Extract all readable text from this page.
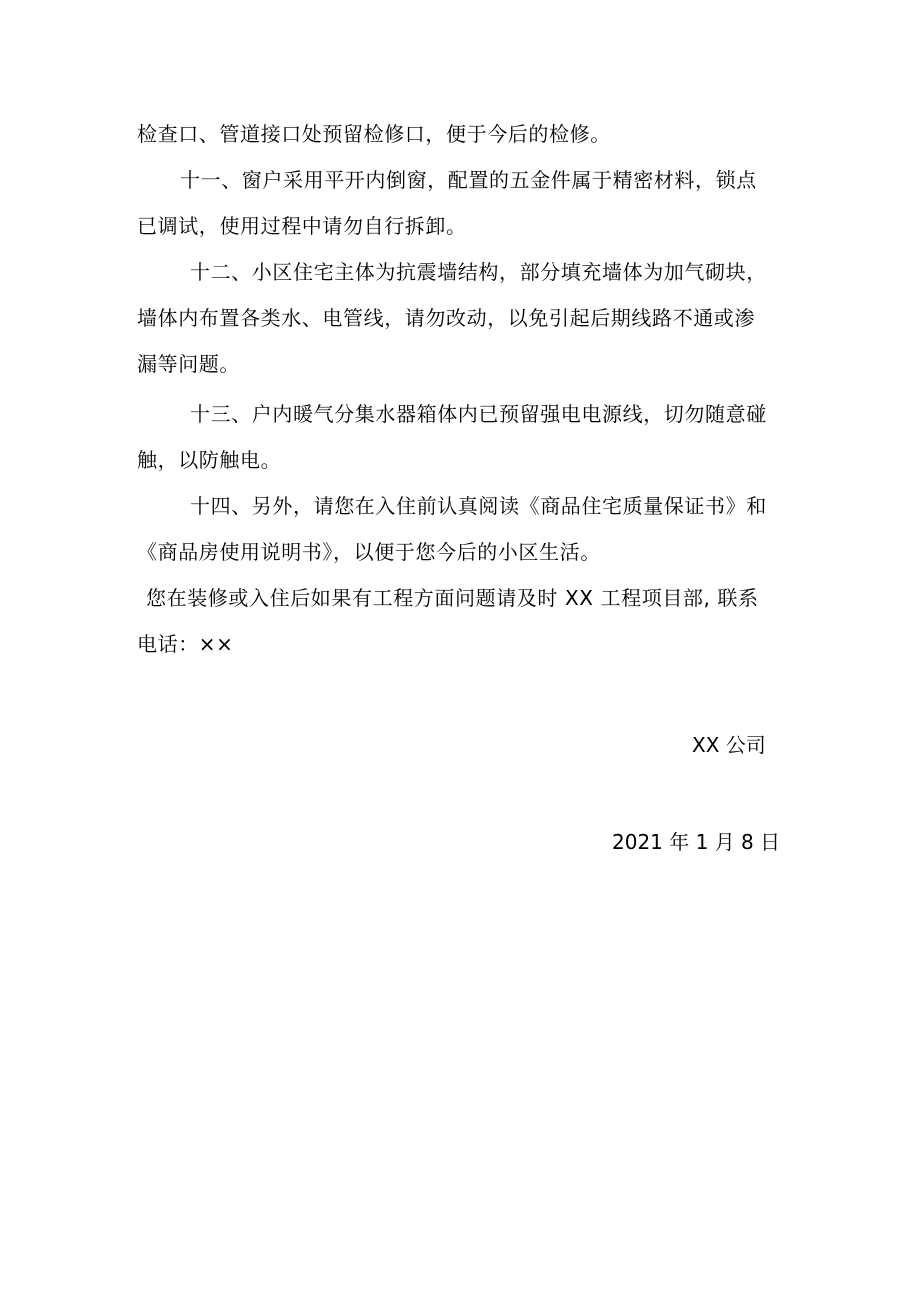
检查口、管道接口处预留检修口，便于今后的检修。
十一、窗户采用平开内倒窗，配置的五金件属于精密材料，锁点
已调试，使用过程中请勿自行拆卸。
十二、小区住宅主体为抗震墙结构，部分填充墙体为加气砌块，
墙体内布置各类水、电管线，请勿改动，以免引起后期线路不通或渗
漏等问题。
十三、户内暖气分集水器箱体内已预留强电电源线，切勿随意碰
触，以防触电。
十四、另外，请您在入住前认真阅读《商品住宅质量保证书》和
《商品房使用说明书》，以便于您今后的小区生活。
您在装修或入住后如果有工程方面问题请及时 XX 工程项目部, 联系
电话：××
XX 公司
2021 年 1 月 8 日
